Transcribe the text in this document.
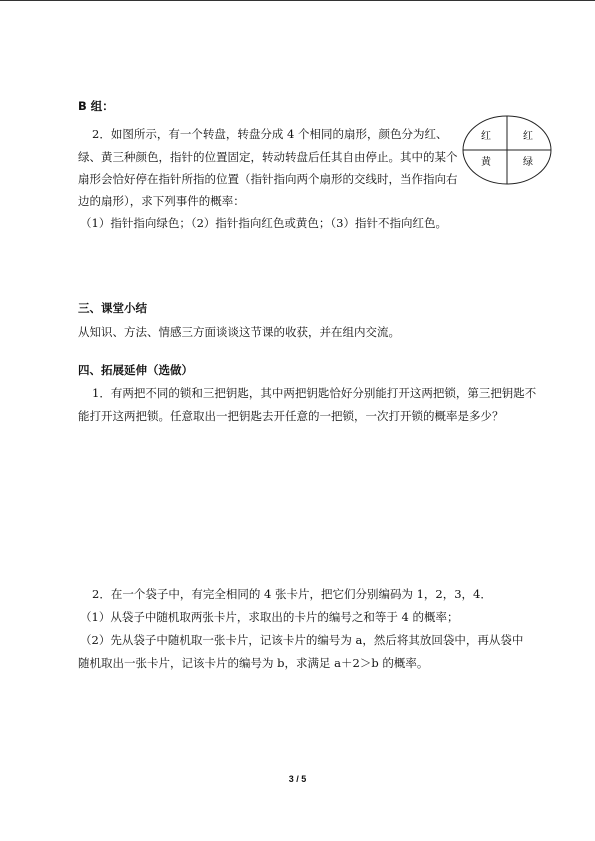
B 组：
2．如图所示，有一个转盘，转盘分成 4 个相同的扇形，颜色分为红、
绿、黄三种颜色，指针的位置固定，转动转盘后任其自由停止。其中的某个
扇形会恰好停在指针所指的位置（指针指向两个扇形的交线时，当作指向右
边的扇形），求下列事件的概率：
（1）指针指向绿色；（2）指针指向红色或黄色；（3）指针不指向红色。
红	红
黄	绿
三、课堂小结
从知识、方法、情感三方面谈谈这节课的收获，并在组内交流。
四、拓展延伸（选做）
1．有两把不同的锁和三把钥匙，其中两把钥匙恰好分别能打开这两把锁，第三把钥匙不
能打开这两把锁。任意取出一把钥匙去开任意的一把锁，一次打开锁的概率是多少？
2．在一个袋子中，有完全相同的 4 张卡片，把它们分别编码为 1，2，3，4．
（1）从袋子中随机取两张卡片，求取出的卡片的编号之和等于 4 的概率；
（2）先从袋子中随机取一张卡片，记该卡片的编号为 a，然后将其放回袋中，再从袋中
随机取出一张卡片，记该卡片的编号为 b，求满足 a＋2＞b 的概率。
3 / 5
